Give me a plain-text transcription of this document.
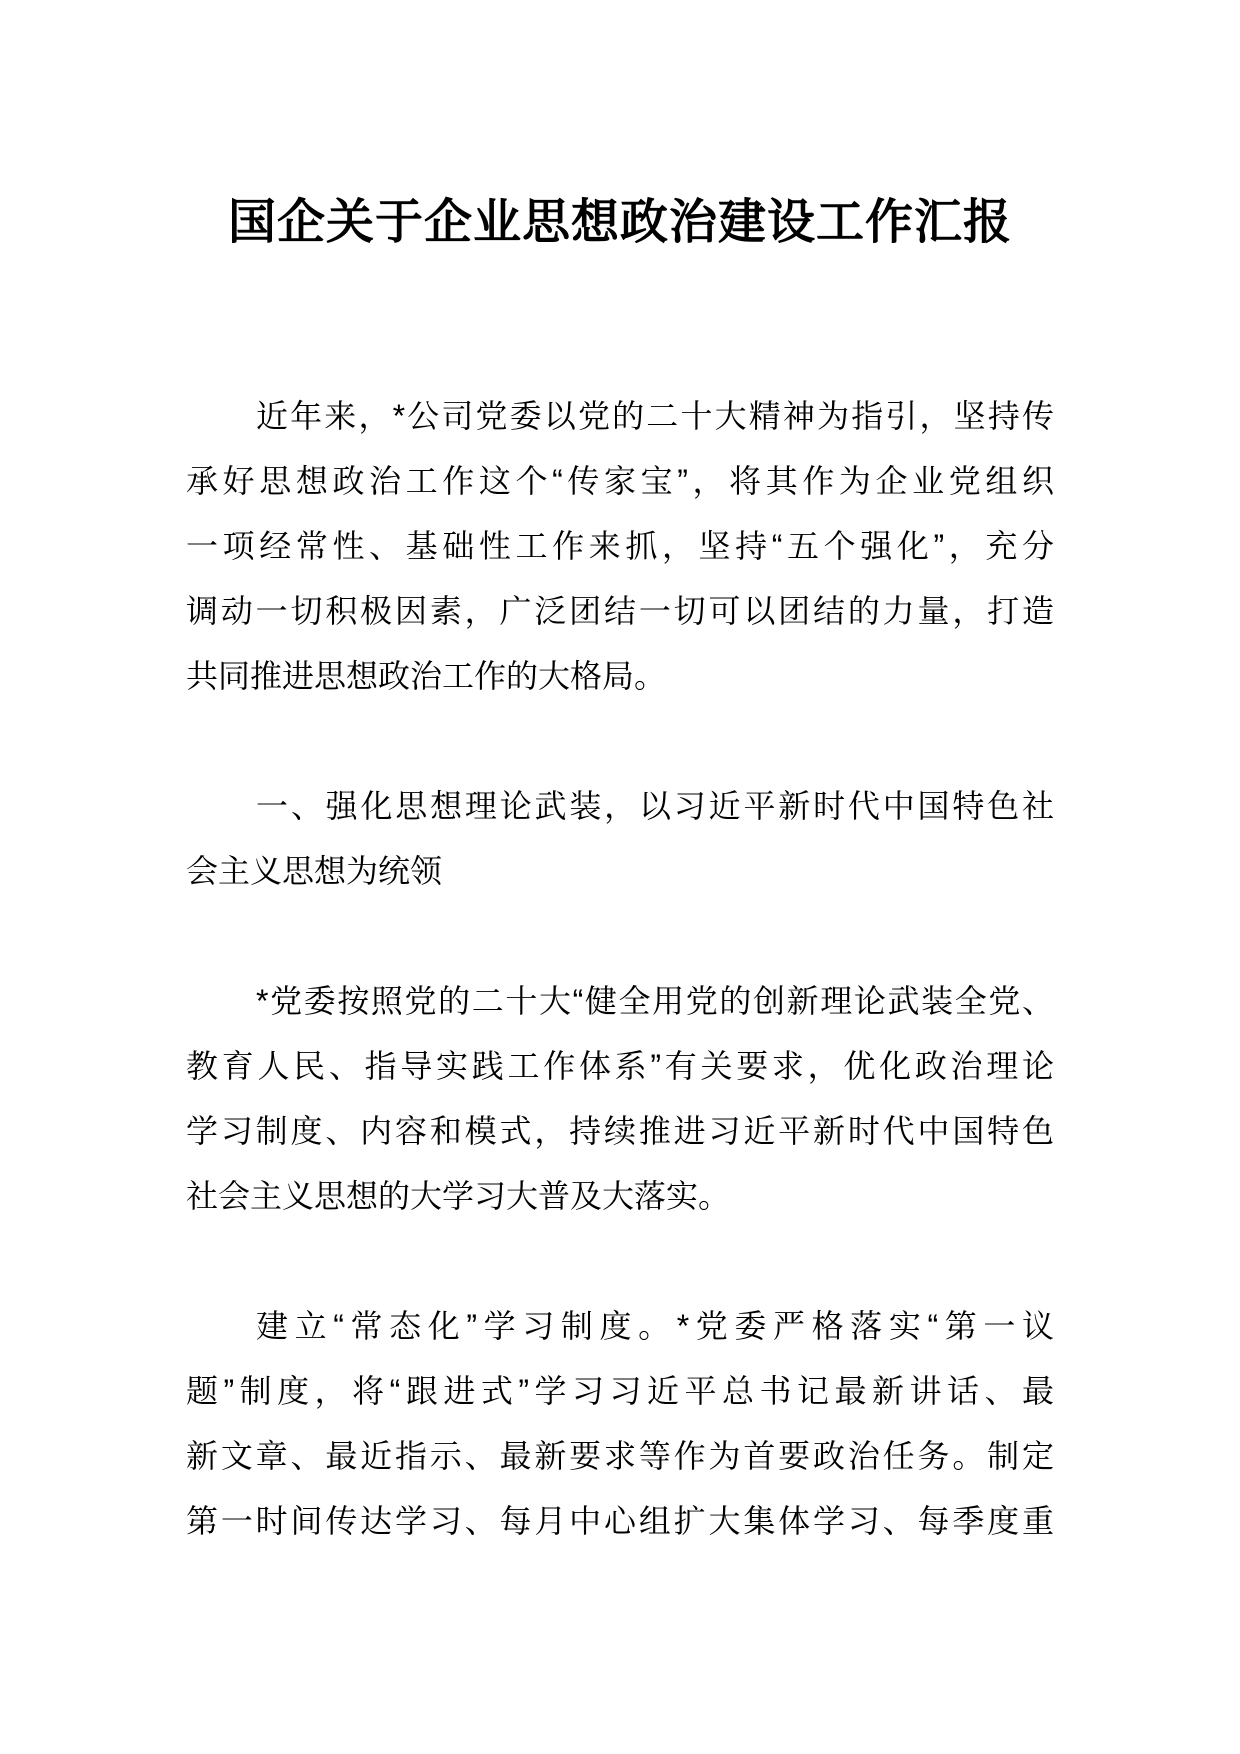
国企关于企业思想政治建设工作汇报
近年来，*公司党委以党的二十大精神为指引，坚持传
承好思想政治工作这个“传家宝”，将其作为企业党组织
一项经常性、基础性工作来抓，坚持“五个强化”，充分
调动一切积极因素，广泛团结一切可以团结的力量，打造
共同推进思想政治工作的大格局。
一、强化思想理论武装，以习近平新时代中国特色社
会主义思想为统领
*党委按照党的二十大“健全用党的创新理论武装全党、
教育人民、指导实践工作体系”有关要求，优化政治理论
学习制度、内容和模式，持续推进习近平新时代中国特色
社会主义思想的大学习大普及大落实。
建立“常态化”学习制度。*党委严格落实“第一议
题”制度，将“跟进式”学习习近平总书记最新讲话、最
新文章、最近指示、最新要求等作为首要政治任务。制定
第一时间传达学习、每月中心组扩大集体学习、每季度重
